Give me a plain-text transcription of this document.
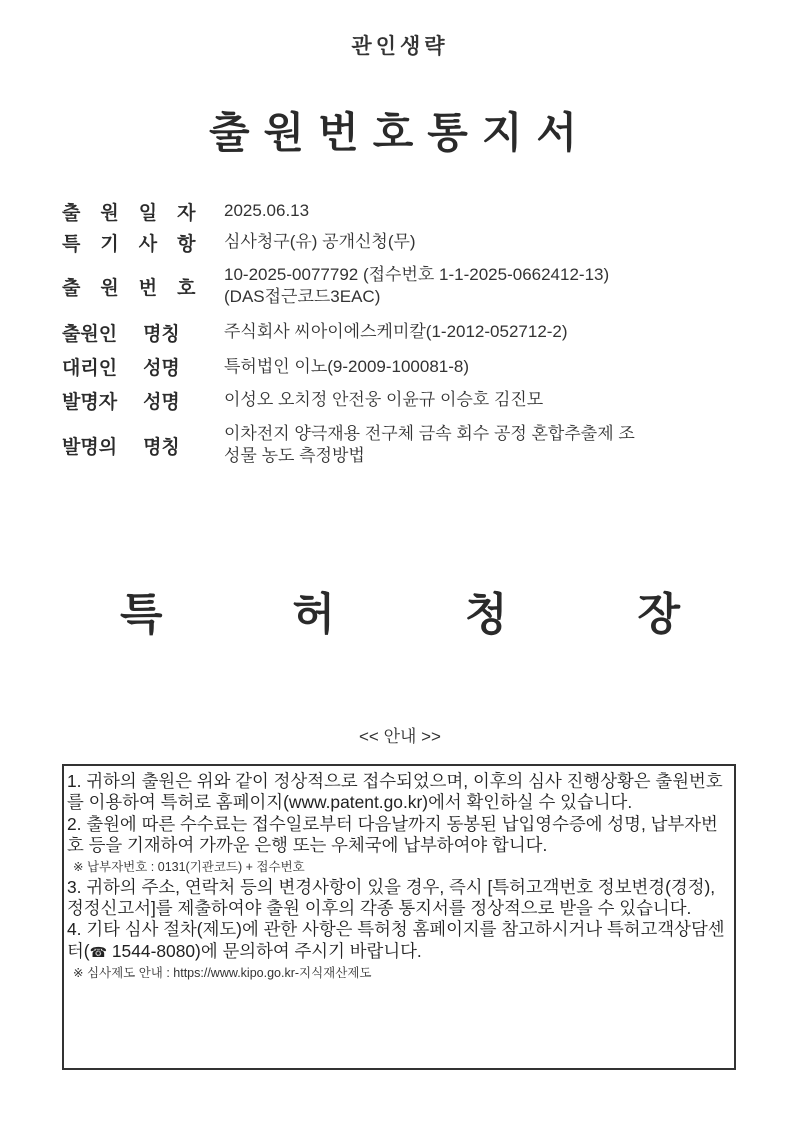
관인생략
출원번호통지서
출 원 일 자	2025.06.13
특 기 사 항	심사청구(유) 공개신청(무)
출 원 번 호	10-2025-0077792 (접수번호 1-1-2025-0662412-13)
(DAS접근코드3EAC)

출원인 명칭	주식회사 씨아이에스케미칼(1-2012-052712-2)
대리인 성명	특허법인 이노(9-2009-100081-8)
발명자 성명	이성오 오치정 안전웅 이윤규 이승호 김진모
발명의 명칭	이차전지 양극재용 전구체 금속 회수 공정 혼합추출제 조
성물 농도 측정방법
특	허	청	장
<< 안내 >>

1. 귀하의 출원은 위와 같이 정상적으로 접수되었으며, 이후의 심사 진행상황은 출원번호를 이용하여 특허로 홈페이지(www.patent.go.kr)에서 확인하실 수 있습니다.

2. 출원에 따른 수수료는 접수일로부터 다음날까지 동봉된 납입영수증에 성명, 납부자번호 등을 기재하여 가까운 은행 또는 우체국에 납부하여야 합니다.

※ 납부자번호 : 0131(기관코드) + 접수번호

3. 귀하의 주소, 연락처 등의 변경사항이 있을 경우, 즉시 [특허고객번호 정보변경(경정), 정정신고서]를 제출하여야 출원 이후의 각종 통지서를 정상적으로 받을 수 있습니다.

4. 기타 심사 절차(제도)에 관한 사항은 특허청 홈페이지를 참고하시거나 특허고객상담센터(☎ 1544-8080)에 문의하여 주시기 바랍니다.

※ 심사제도 안내 : https://www.kipo.go.kr-지식재산제도
